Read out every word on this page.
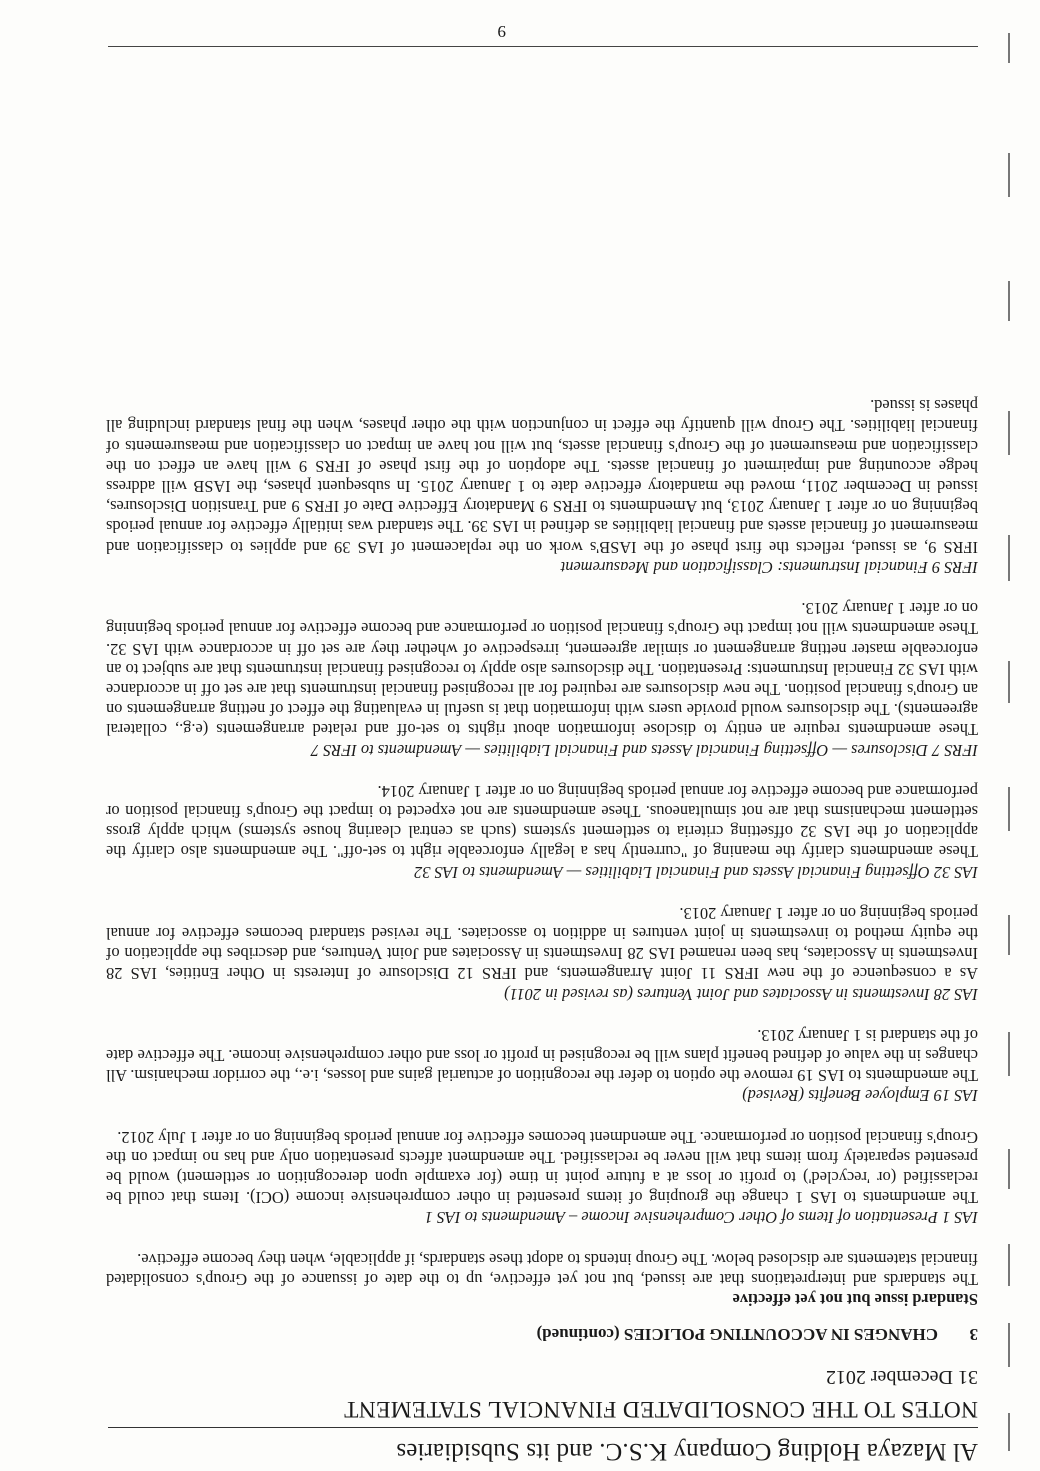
Al Mazaya Holding Company K.S.C. and its Subsidiaries
NOTES TO THE CONSOLIDATED FINANCIAL STATEMENT
31 December 2012
3CHANGES IN ACCOUNTING POLICIES (continued)

Standard issue but not yet effective

The standards and interpretations that are issued, but not yet effective, up to the date of issuance of the Group's consolidated financial statements are disclosed below. The Group intends to adopt these standards, if applicable, when they become effective.

IAS 1 Presentation of Items of Other Comprehensive Income – Amendments to IAS 1

The amendments to IAS 1 change the grouping of items presented in other comprehensive income (OCI). Items that could be reclassified (or 'recycled') to profit or loss at a future point in time (for example upon derecognition or settlement) would be presented separately from items that will never be reclassified. The amendment affects presentation only and has no impact on the Group's financial position or performance. The amendment becomes effective for annual periods beginning on or after 1 July 2012.

IAS 19 Employee Benefits (Revised)

The amendments to IAS 19 remove the option to defer the recognition of actuarial gains and losses, i.e., the corridor mechanism. All changes in the value of defined benefit plans will be recognised in profit or loss and other comprehensive income. The effective date of the standard is 1 January 2013.

IAS 28 Investments in Associates and Joint Ventures (as revised in 2011)

As a consequence of the new IFRS 11 Joint Arrangements, and IFRS 12 Disclosure of Interests in Other Entities, IAS 28 Investments in Associates, has been renamed IAS 28 Investments in Associates and Joint Ventures, and describes the application of the equity method to investments in joint ventures in addition to associates. The revised standard becomes effective for annual periods beginning on or after 1 January 2013.

IAS 32 Offsetting Financial Assets and Financial Liabilities — Amendments to IAS 32

These amendments clarify the meaning of "currently has a legally enforceable right to set-off". The amendments also clarify the application of the IAS 32 offsetting criteria to settlement systems (such as central clearing house systems) which apply gross settlement mechanisms that are not simultaneous. These amendments are not expected to impact the Group's financial position or performance and become effective for annual periods beginning on or after 1 January 2014.

IFRS 7 Disclosures — Offsetting Financial Assets and Financial Liabilities — Amendments to IFRS 7

These amendments require an entity to disclose information about rights to set-off and related arrangements (e.g., collateral agreements). The disclosures would provide users with information that is useful in evaluating the effect of netting arrangements on an Group's financial position. The new disclosures are required for all recognised financial instruments that are set off in accordance with IAS 32 Financial Instruments: Presentation. The disclosures also apply to recognised financial instruments that are subject to an enforceable master netting arrangement or similar agreement, irrespective of whether they are set off in accordance with IAS 32. These amendments will not impact the Group's financial position or performance and become effective for annual periods beginning on or after 1 January 2013.

IFRS 9 Financial Instruments: Classification and Measurement

IFRS 9, as issued, reflects the first phase of the IASB's work on the replacement of IAS 39 and applies to classification and measurement of financial assets and financial liabilities as defined in IAS 39. The standard was initially effective for annual periods beginning on or after 1 January 2013, but Amendments to IFRS 9 Mandatory Effective Date of IFRS 9 and Transition Disclosures, issued in December 2011, moved the mandatory effective date to 1 January 2015. In subsequent phases, the IASB will address hedge accounting and impairment of financial assets. The adoption of the first phase of IFRS 9 will have an effect on the classification and measurement of the Group's financial assets, but will not have an impact on classification and measurements of financial liabilities. The Group will quantify the effect in conjunction with the other phases, when the final standard including all phases is issued.

9
